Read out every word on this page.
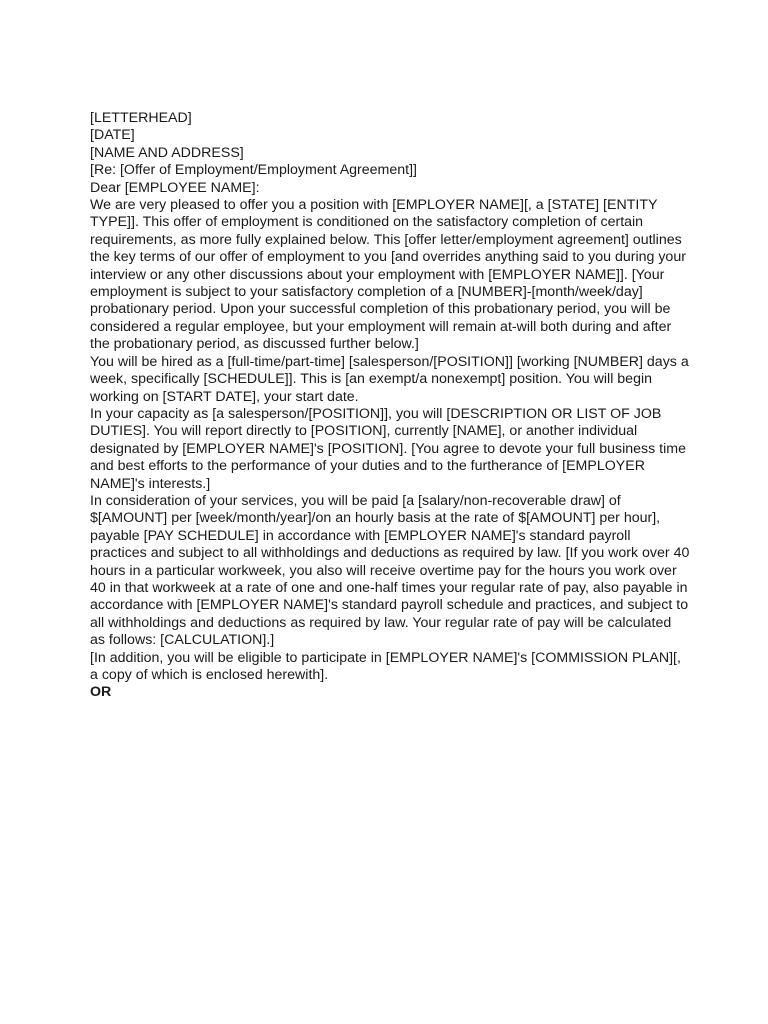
[LETTERHEAD]

[DATE]

[NAME AND ADDRESS]

[Re: [Offer of Employment/Employment Agreement]]

Dear [EMPLOYEE NAME]:

We are very pleased to offer you a position with [EMPLOYER NAME][, a [STATE] [ENTITY TYPE]]. This offer of employment is conditioned on the satisfactory completion of certain requirements, as more fully explained below. This [offer letter/employment agreement] outlines the key terms of our offer of employment to you [and overrides anything said to you during your interview or any other discussions about your employment with [EMPLOYER NAME]]. [Your employment is subject to your satisfactory completion of a [NUMBER]-[month/week/day] probationary period. Upon your successful completion of this probationary period, you will be considered a regular employee, but your employment will remain at-will both during and after the probationary period, as discussed further below.]

You will be hired as a [full-time/part-time] [salesperson/[POSITION]] [working [NUMBER] days a week, specifically [SCHEDULE]]. This is [an exempt/a nonexempt] position. You will begin working on [START DATE], your start date.

In your capacity as [a salesperson/[POSITION]], you will [DESCRIPTION OR LIST OF JOB DUTIES]. You will report directly to [POSITION], currently [NAME], or another individual designated by [EMPLOYER NAME]'s [POSITION]. [You agree to devote your full business time and best efforts to the performance of your duties and to the furtherance of [EMPLOYER NAME]'s interests.]

In consideration of your services, you will be paid [a [salary/non-recoverable draw] of $[AMOUNT] per [week/month/year]/on an hourly basis at the rate of $[AMOUNT] per hour], payable [PAY SCHEDULE] in accordance with [EMPLOYER NAME]'s standard payroll practices and subject to all withholdings and deductions as required by law. [If you work over 40 hours in a particular workweek, you also will receive overtime pay for the hours you work over 40 in that workweek at a rate of one and one-half times your regular rate of pay, also payable in accordance with [EMPLOYER NAME]'s standard payroll schedule and practices, and subject to all withholdings and deductions as required by law. Your regular rate of pay will be calculated as follows: [CALCULATION].]

[In addition, you will be eligible to participate in [EMPLOYER NAME]'s [COMMISSION PLAN][, a copy of which is enclosed herewith].

OR
